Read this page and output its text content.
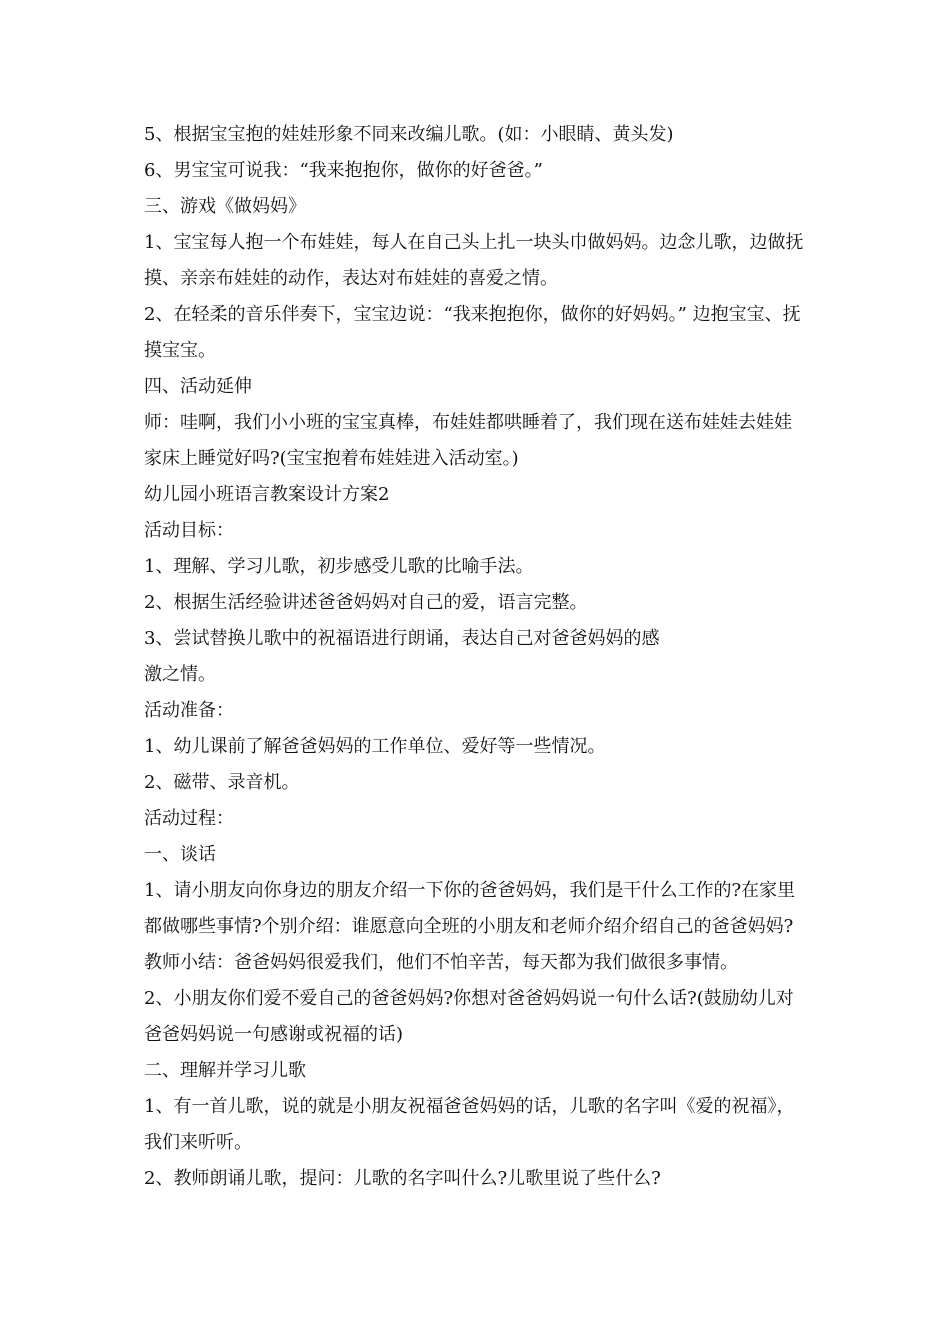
5、根据宝宝抱的娃娃形象不同来改编儿歌。(如：小眼睛、黄头发)

6、男宝宝可说我：“我来抱抱你，做你的好爸爸。”

三、游戏《做妈妈》

1、宝宝每人抱一个布娃娃，每人在自己头上扎一块头巾做妈妈。边念儿歌，边做抚摸、亲亲布娃娃的动作，表达对布娃娃的喜爱之情。

2、在轻柔的音乐伴奏下，宝宝边说：“我来抱抱你，做你的好妈妈。” 边抱宝宝、抚摸宝宝。

四、活动延伸

师：哇啊，我们小小班的宝宝真棒，布娃娃都哄睡着了，我们现在送布娃娃去娃娃家床上睡觉好吗?(宝宝抱着布娃娃进入活动室。)

幼儿园小班语言教案设计方案2

活动目标：

1、理解、学习儿歌，初步感受儿歌的比喻手法。

2、根据生活经验讲述爸爸妈妈对自己的爱，语言完整。

3、尝试替换儿歌中的祝福语进行朗诵，表达自己对爸爸妈妈的感

激之情。

活动准备：

1、幼儿课前了解爸爸妈妈的工作单位、爱好等一些情况。

2、磁带、录音机。

活动过程：

一、谈话

1、请小朋友向你身边的朋友介绍一下你的爸爸妈妈，我们是干什么工作的?在家里都做哪些事情?个别介绍：谁愿意向全班的小朋友和老师介绍介绍自己的爸爸妈妈?教师小结：爸爸妈妈很爱我们，他们不怕辛苦，每天都为我们做很多事情。

2、小朋友你们爱不爱自己的爸爸妈妈?你想对爸爸妈妈说一句什么话?(鼓励幼儿对爸爸妈妈说一句感谢或祝福的话)

二、理解并学习儿歌

1、有一首儿歌，说的就是小朋友祝福爸爸妈妈的话，儿歌的名字叫《爱的祝福》，我们来听听。

2、教师朗诵儿歌，提问：儿歌的名字叫什么?儿歌里说了些什么?
